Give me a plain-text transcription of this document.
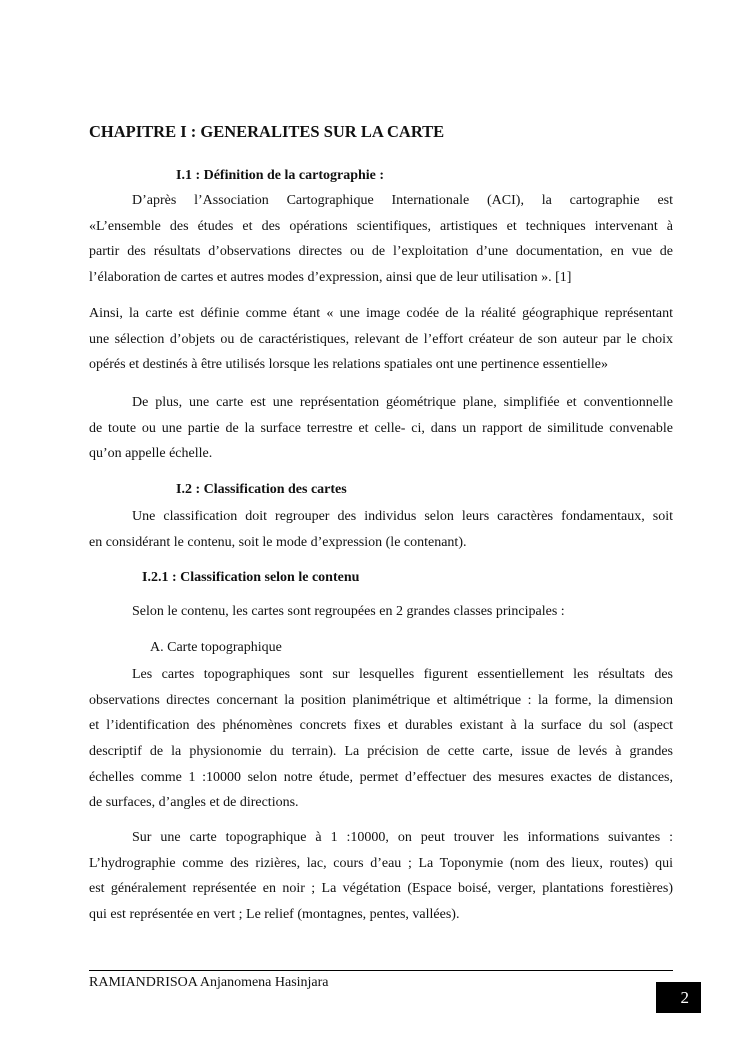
CHAPITRE I : GENERALITES SUR LA CARTE
I.1 : Définition de la cartographie :
D’après l’Association Cartographique Internationale (ACI), la cartographie est
«L’ensemble des études et des opérations scientifiques, artistiques et techniques intervenant à
partir des résultats d’observations directes ou de l’exploitation d’une documentation, en vue de
l’élaboration de cartes et autres modes d’expression, ainsi que de leur utilisation ». [1]
Ainsi, la carte est définie comme étant « une image codée de la réalité géographique représentant
une sélection d’objets ou de caractéristiques, relevant de l’effort créateur de son auteur par le choix
opérés et destinés à être utilisés lorsque les relations spatiales ont une pertinence essentielle»
De plus, une carte est une représentation géométrique plane, simplifiée et conventionnelle
de toute ou une partie de la surface terrestre et celle- ci, dans un rapport de similitude convenable
qu’on appelle échelle.
I.2 : Classification des cartes
Une classification doit regrouper des individus selon leurs caractères fondamentaux, soit
en considérant le contenu, soit le mode d’expression (le contenant).
I.2.1 : Classification selon le contenu
Selon le contenu, les cartes sont regroupées en 2 grandes classes principales :
A. Carte topographique
Les cartes topographiques sont sur lesquelles figurent essentiellement les résultats des
observations directes concernant la position planimétrique et altimétrique : la forme, la dimension
et l’identification des phénomènes concrets fixes et durables existant à la surface du sol (aspect
descriptif de la physionomie du terrain). La précision de cette carte, issue de levés à grandes
échelles comme 1 :10000 selon notre étude, permet d’effectuer des mesures exactes de distances,
de surfaces, d’angles et de directions.
Sur une carte topographique à 1 :10000, on peut trouver les informations suivantes :
L’hydrographie comme des rizières, lac, cours d’eau ; La Toponymie (nom des lieux, routes) qui
est généralement représentée en noir ; La végétation (Espace boisé, verger, plantations forestières)
qui est représentée en vert ; Le relief (montagnes, pentes, vallées).
RAMIANDRISOA Anjanomena Hasinjara
2
